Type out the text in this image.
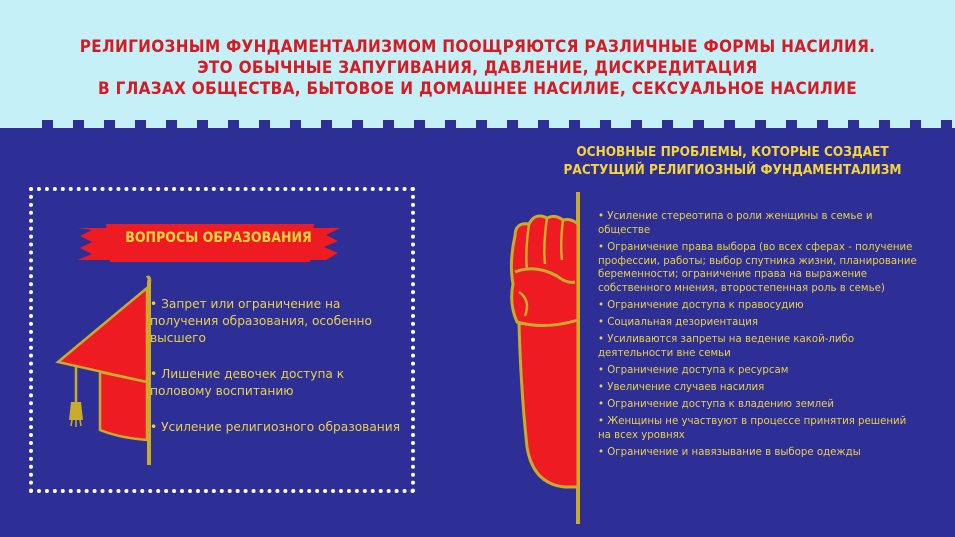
РЕЛИГИОЗНЫМ ФУНДАМЕНТАЛИЗМОМ ПООЩРЯЮТСЯ РАЗЛИЧНЫЕ ФОРМЫ НАСИЛИЯ.
ЭТО ОБЫЧНЫЕ ЗАПУГИВАНИЯ, ДАВЛЕНИЕ, ДИСКРЕДИТАЦИЯ
В ГЛАЗАХ ОБЩЕСТВА, БЫТОВОЕ И ДОМАШНЕЕ НАСИЛИЕ, СЕКСУАЛЬНОЕ НАСИЛИЕ
ВОПРОСЫ ОБРАЗОВАНИЯ
• Запрет или ограничение на получения образования, особенно высшего
• Лишение девочек доступа к половому воспитанию
• Усиление религиозного образования
ОСНОВНЫЕ ПРОБЛЕМЫ, КОТОРЫЕ СОЗДАЕТ
РАСТУЩИЙ РЕЛИГИОЗНЫЙ ФУНДАМЕНТАЛИЗМ
• Усиление стереотипа о роли женщины в семье и обществе
• Ограничение права выбора (во всех сферах - получение профессии, работы; выбор спутника жизни, планирование беременности; ограничение права на выражение собственного мнения, второстепенная роль в семье)
• Ограничение доступа к правосудию
• Социальная дезориентация
• Усиливаются запреты на ведение какой-либо деятельности вне семьи
• Ограничение доступа к ресурсам
• Увеличение случаев насилия
• Ограничение доступа к владению землей
• Женщины не участвуют в процессе принятия решений на всех уровнях
• Ограничение и навязывание в выборе одежды
